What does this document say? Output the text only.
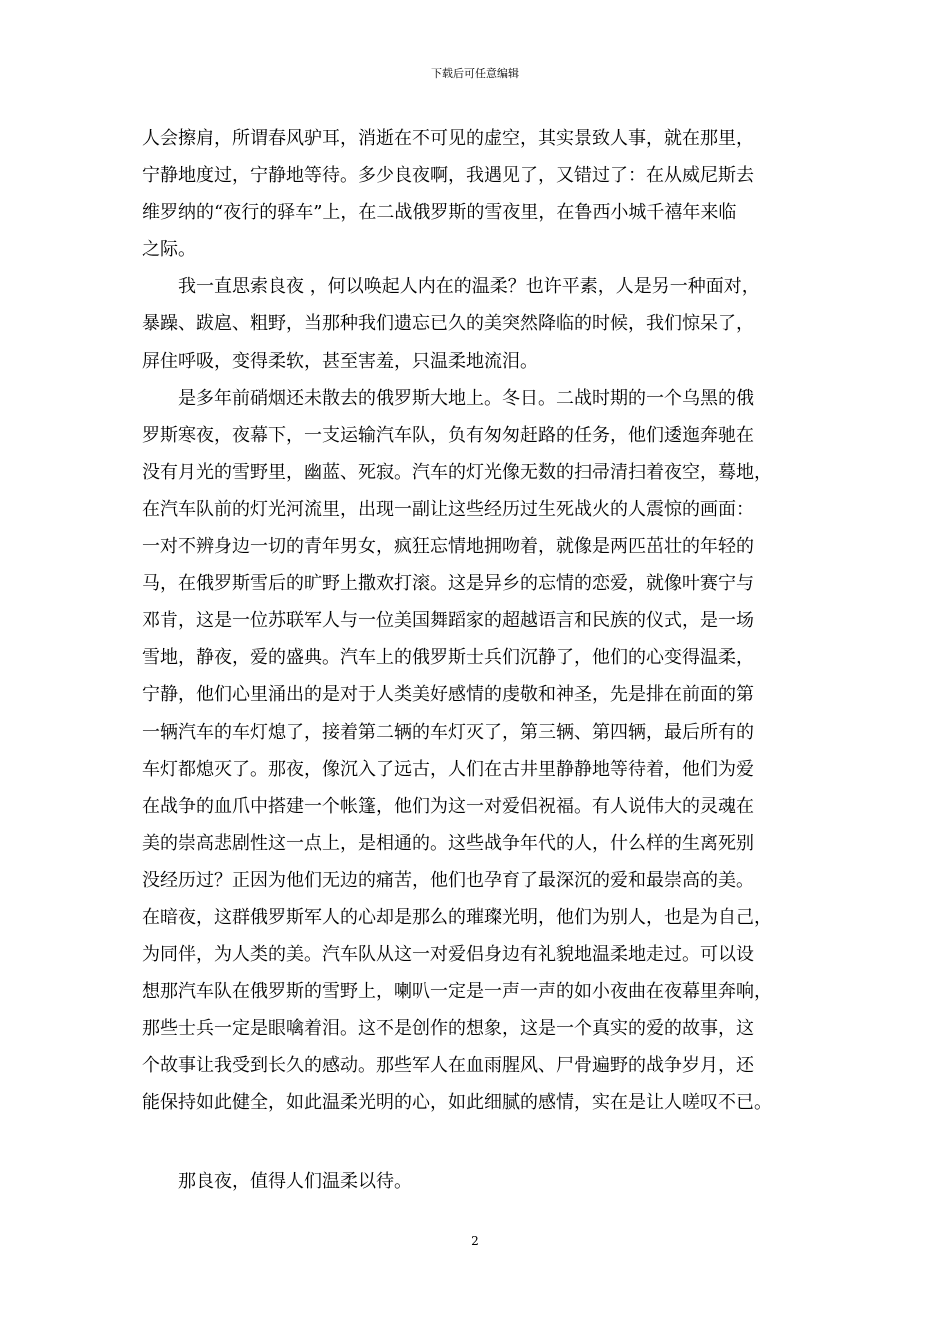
下载后可任意编辑

人会擦肩，所谓春风驴耳，消逝在不可见的虚空，其实景致人事，就在那里，
宁静地度过，宁静地等待。多少良夜啊，我遇见了，又错过了：在从威尼斯去
维罗纳的“夜行的驿车”上，在二战俄罗斯的雪夜里，在鲁西小城千禧年来临
之际。

　　我一直思索良夜 ，何以唤起人内在的温柔？也许平素，人是另一种面对，
暴躁、跋扈、粗野，当那种我们遗忘已久的美突然降临的时候，我们惊呆了，
屏住呼吸，变得柔软，甚至害羞，只温柔地流泪。

　　是多年前硝烟还未散去的俄罗斯大地上。冬日。二战时期的一个乌黑的俄
罗斯寒夜，夜幕下，一支运输汽车队，负有匆匆赶路的任务，他们逶迤奔驰在
没有月光的雪野里，幽蓝、死寂。汽车的灯光像无数的扫帚清扫着夜空，蓦地，
在汽车队前的灯光河流里，出现一副让这些经历过生死战火的人震惊的画面：
一对不辨身边一切的青年男女，疯狂忘情地拥吻着，就像是两匹茁壮的年轻的
马，在俄罗斯雪后的旷野上撒欢打滚。这是异乡的忘情的恋爱，就像叶赛宁与
邓肯，这是一位苏联军人与一位美国舞蹈家的超越语言和民族的仪式，是一场
雪地，静夜，爱的盛典。汽车上的俄罗斯士兵们沉静了，他们的心变得温柔，
宁静，他们心里涌出的是对于人类美好感情的虔敬和神圣，先是排在前面的第
一辆汽车的车灯熄了，接着第二辆的车灯灭了，第三辆、第四辆，最后所有的
车灯都熄灭了。那夜，像沉入了远古，人们在古井里静静地等待着，他们为爱
在战争的血爪中搭建一个帐篷，他们为这一对爱侣祝福。有人说伟大的灵魂在
美的崇高悲剧性这一点上，是相通的。这些战争年代的人，什么样的生离死别
没经历过？正因为他们无边的痛苦，他们也孕育了最深沉的爱和最崇高的美。
在暗夜，这群俄罗斯军人的心却是那么的璀璨光明，他们为别人，也是为自己，
为同伴，为人类的美。汽车队从这一对爱侣身边有礼貌地温柔地走过。可以设
想那汽车队在俄罗斯的雪野上，喇叭一定是一声一声的如小夜曲在夜幕里奔响，
那些士兵一定是眼噙着泪。这不是创作的想象，这是一个真实的爱的故事，这
个故事让我受到长久的感动。那些军人在血雨腥风、尸骨遍野的战争岁月，还
能保持如此健全，如此温柔光明的心，如此细腻的感情，实在是让人嗟叹不已。

　　那良夜，值得人们温柔以待。

2
